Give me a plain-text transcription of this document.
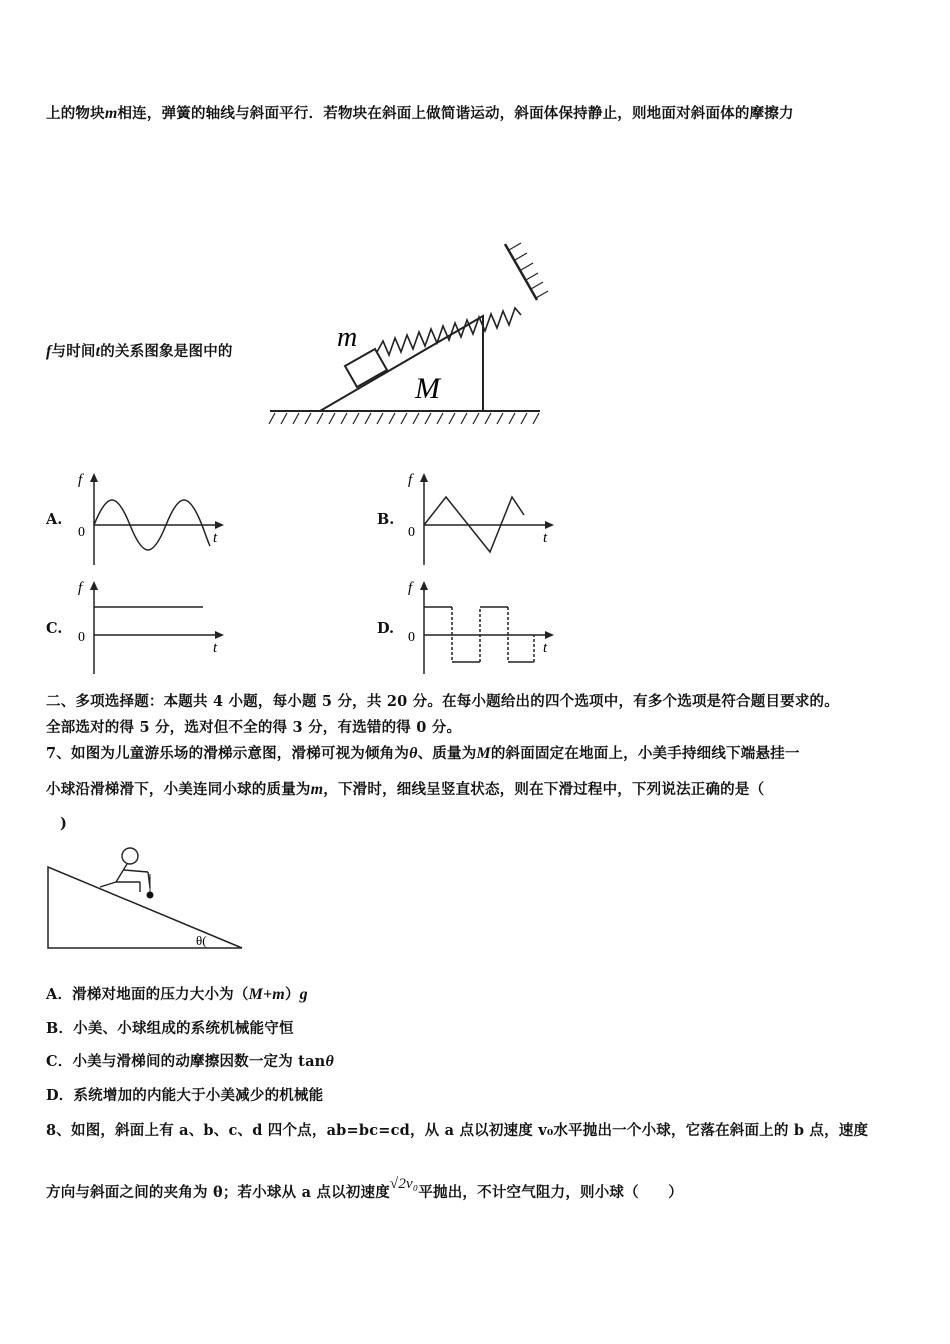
上的物块m相连，弹簧的轴线与斜面平行．若物块在斜面上做简谐运动，斜面体保持静止，则地面对斜面体的摩擦力
f与时间t的关系图象是图中的	m
M
A.
f
0	t
B.
f
0	t
C.
f
0
t
D.
f
0
t
二、多项选择题：本题共 4 小题，每小题 5 分，共 20 分。在每小题给出的四个选项中，有多个选项是符合题目要求的。
全部选对的得 5 分，选对但不全的得 3 分，有选错的得 0 分。
7、如图为儿童游乐场的滑梯示意图，滑梯可视为倾角为θ、质量为M的斜面固定在地面上，小美手持细线下端悬挂一
小球沿滑梯滑下，小美连同小球的质量为m，下滑时，细线呈竖直状态，则在下滑过程中，下列说法正确的是（
)
θ(
A．滑梯对地面的压力大小为（M+m）g
B．小美、小球组成的系统机械能守恒
C．小美与滑梯间的动摩擦因数一定为 tanθ
D．系统增加的内能大于小美减少的机械能
8、如图，斜面上有 a、b、c、d 四个点，ab=bc=cd，从 a 点以初速度 v₀水平抛出一个小球，它落在斜面上的 b 点，速度
方向与斜面之间的夹角为 θ；若小球从 a 点以初速度√2v₀平抛出，不计空气阻力，则小球（　　）
